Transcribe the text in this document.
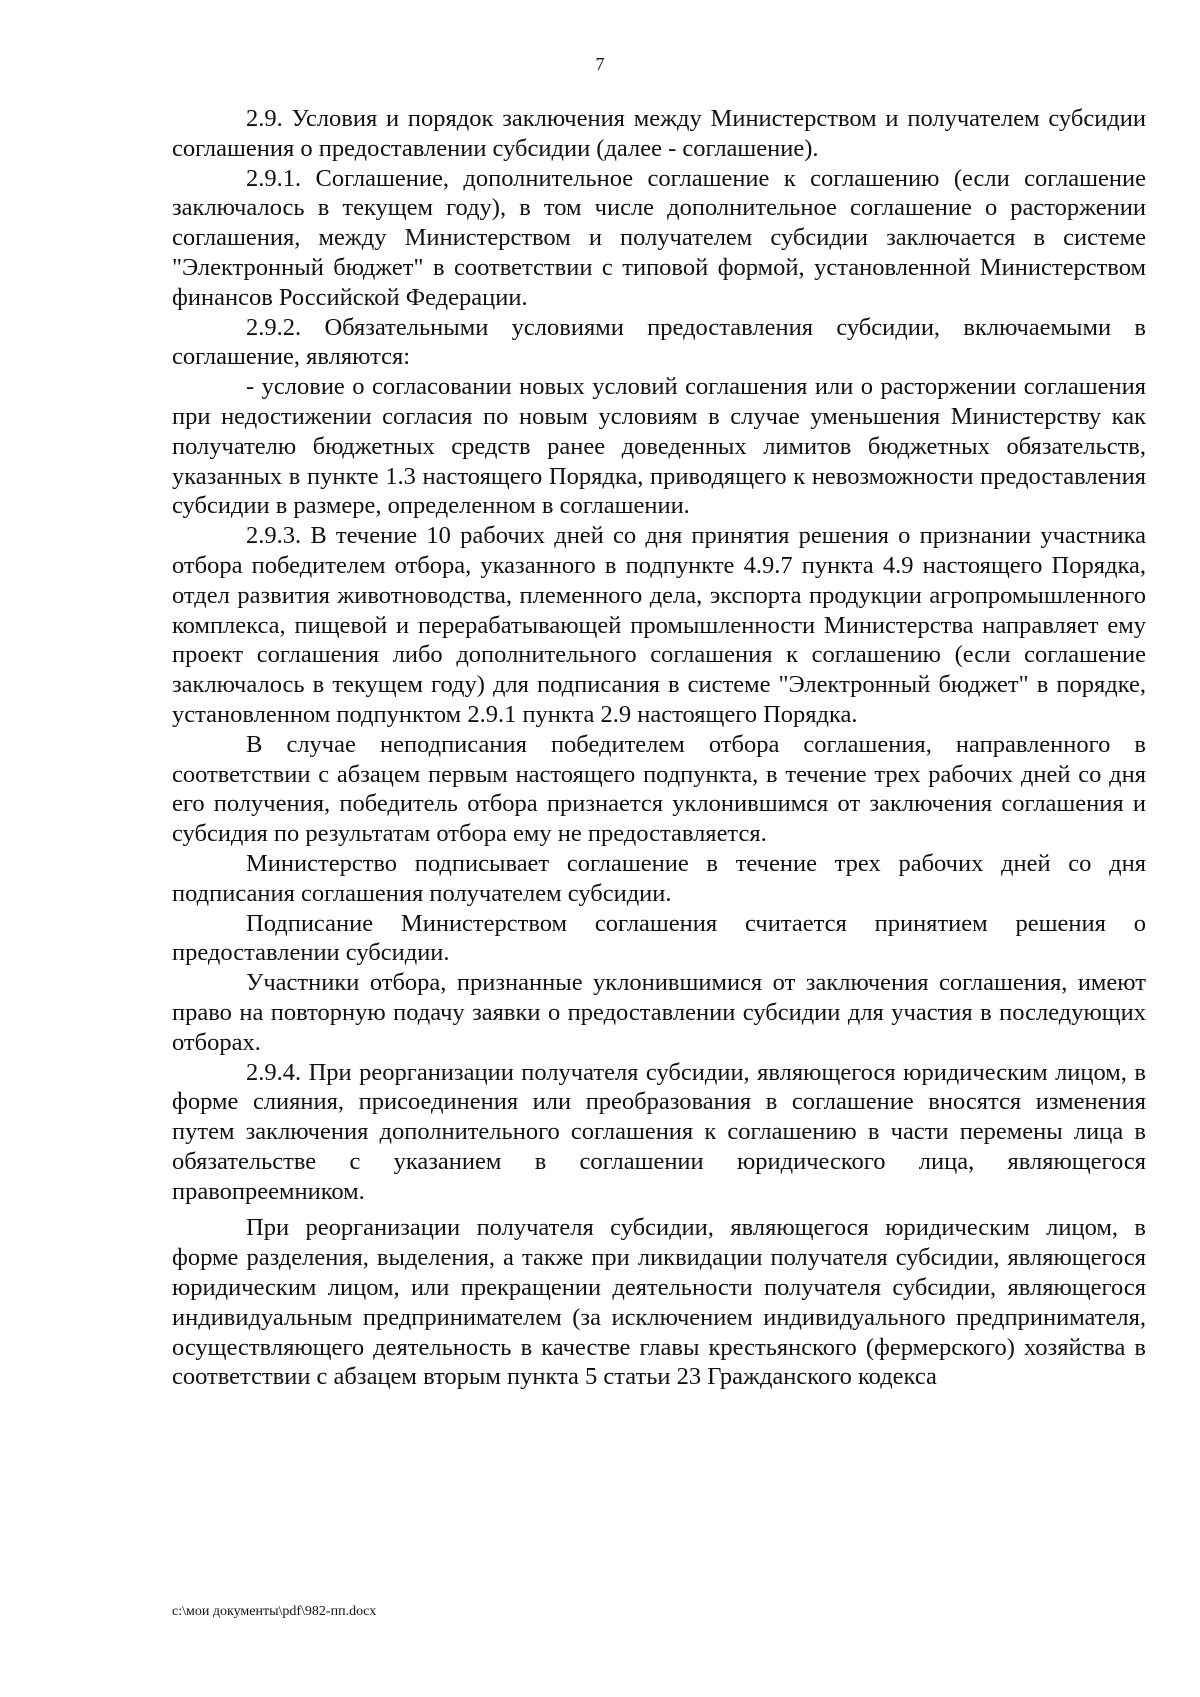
7

2.9. Условия и порядок заключения между Министерством и получателем субсидии соглашения о предоставлении субсидии (далее - соглашение).

2.9.1. Соглашение, дополнительное соглашение к соглашению (если соглашение заключалось в текущем году), в том числе дополнительное соглашение о расторжении соглашения, между Министерством и получателем субсидии заключается в системе "Электронный бюджет" в соответствии с типовой формой, установленной Министерством финансов Российской Федерации.

2.9.2. Обязательными условиями предоставления субсидии, включаемыми в соглашение, являются:

- условие о согласовании новых условий соглашения или о расторжении соглашения при недостижении согласия по новым условиям в случае уменьшения Министерству как получателю бюджетных средств ранее доведенных лимитов бюджетных обязательств, указанных в пункте 1.3 настоящего Порядка, приводящего к невозможности предоставления субсидии в размере, определенном в соглашении.

2.9.3. В течение 10 рабочих дней со дня принятия решения о признании участника отбора победителем отбора, указанного в подпункте 4.9.7 пункта 4.9 настоящего Порядка, отдел развития животноводства, племенного дела, экспорта продукции агропромышленного комплекса, пищевой и перерабатывающей промышленности Министерства направляет ему проект соглашения либо дополнительного соглашения к соглашению (если соглашение заключалось в текущем году) для подписания в системе "Электронный бюджет" в порядке, установленном подпунктом 2.9.1 пункта 2.9 настоящего Порядка.

В случае неподписания победителем отбора соглашения, направленного в соответствии с абзацем первым настоящего подпункта, в течение трех рабочих дней со дня его получения, победитель отбора признается уклонившимся от заключения соглашения и субсидия по результатам отбора ему не предоставляется.

Министерство подписывает соглашение в течение трех рабочих дней со дня подписания соглашения получателем субсидии.

Подписание Министерством соглашения считается принятием решения о предоставлении субсидии.

Участники отбора, признанные уклонившимися от заключения соглашения, имеют право на повторную подачу заявки о предоставлении субсидии для участия в последующих отборах.

2.9.4. При реорганизации получателя субсидии, являющегося юридическим лицом, в форме слияния, присоединения или преобразования в соглашение вносятся изменения путем заключения дополнительного соглашения к соглашению в части перемены лица в обязательстве с указанием в соглашении юридического лица, являющегося правопреемником.

При реорганизации получателя субсидии, являющегося юридическим лицом, в форме разделения, выделения, а также при ликвидации получателя субсидии, являющегося юридическим лицом, или прекращении деятельности получателя субсидии, являющегося индивидуальным предпринимателем (за исключением индивидуального предпринимателя, осуществляющего деятельность в качестве главы крестьянского (фермерского) хозяйства в соответствии с абзацем вторым пункта 5 статьи 23 Гражданского кодекса

c:\мои документы\pdf\982-пп.docx
